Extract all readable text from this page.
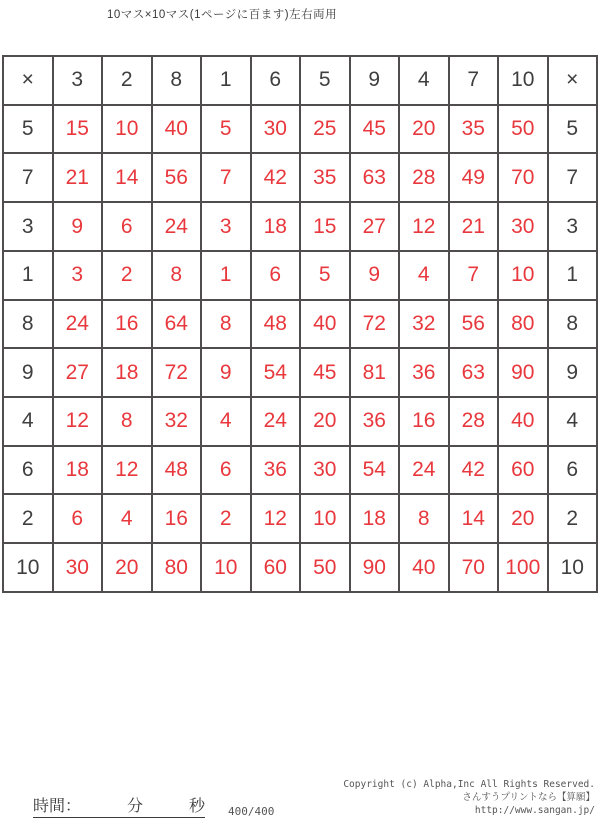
10マス×10マス(1ページに百ます)左右両用
×	3	2	8	1	6	5	9	4	7	10	×
5	15	10	40	5	30	25	45	20	35	50	5
7	21	14	56	7	42	35	63	28	49	70	7
3	9	6	24	3	18	15	27	12	21	30	3
1	3	2	8	1	6	5	9	4	7	10	1
8	24	16	64	8	48	40	72	32	56	80	8
9	27	18	72	9	54	45	81	36	63	90	9
4	12	8	32	4	24	20	36	16	28	40	4
6	18	12	48	6	36	30	54	24	42	60	6
2	6	4	16	2	12	10	18	8	14	20	2
10	30	20	80	10	60	50	90	40	70	100	10
時間：	分	秒 400/400
Copyright (c) Alpha,Inc All Rights Reserved.
さんすうプリントなら【算願】
http://www.sangan.jp/
